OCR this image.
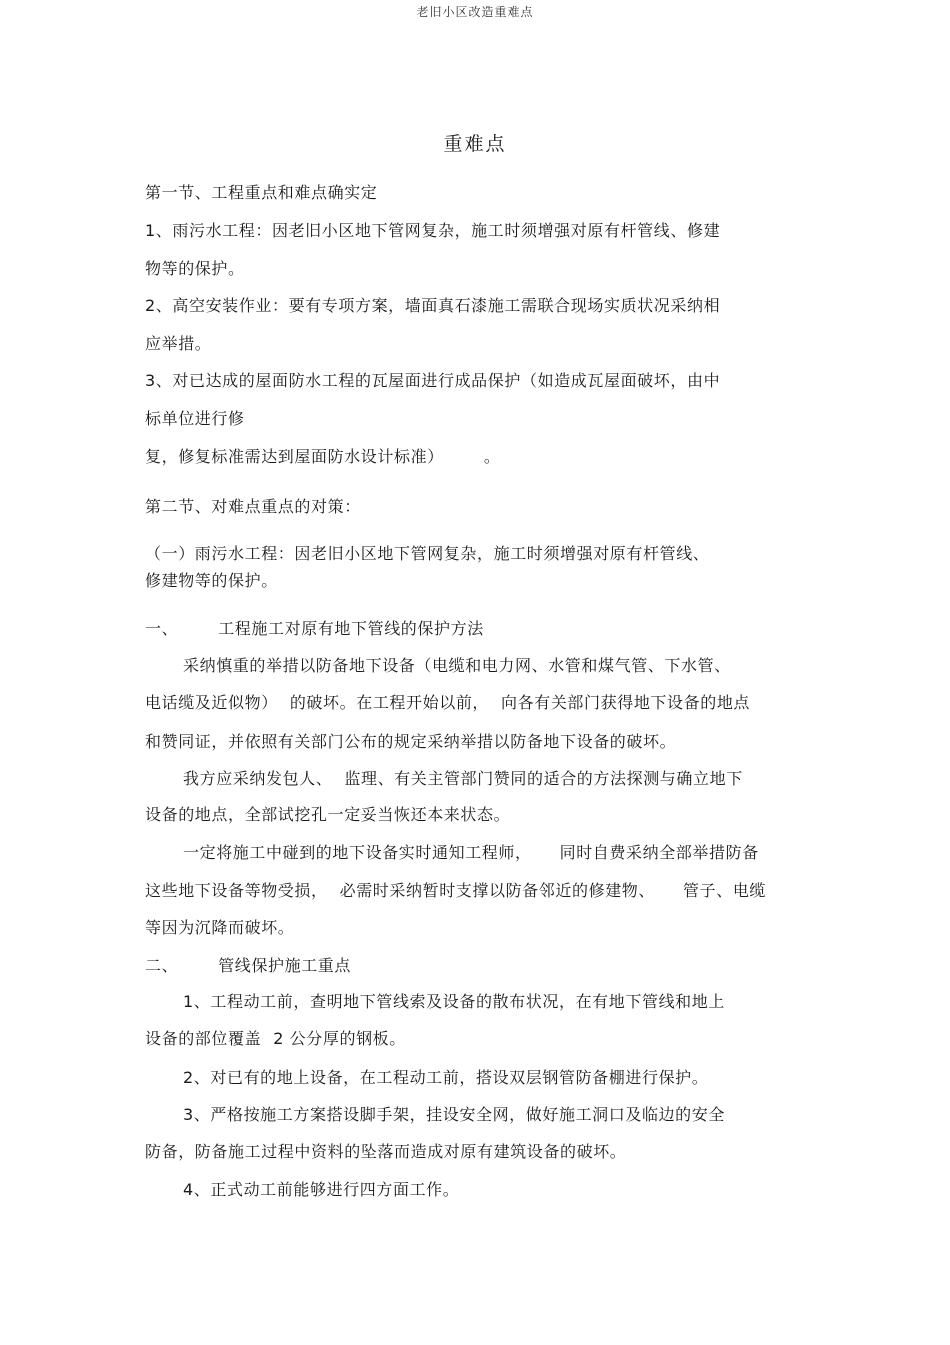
老旧小区改造重难点
重难点
第一节、工程重点和难点确实定
1、雨污水工程：因老旧小区地下管网复杂，施工时须增强对原有杆管线、修建
物等的保护。
2、高空安装作业：要有专项方案，墙面真石漆施工需联合现场实质状况采纳相
应举措。
3、对已达成的屋面防水工程的瓦屋面进行成品保护（如造成瓦屋面破坏，由中
标单位进行修
复，修复标准需达到屋面防水设计标准）	。
第二节、对难点重点的对策：
（一）雨污水工程：因老旧小区地下管网复杂，施工时须增强对原有杆管线、
修建物等的保护。
一、	工程施工对原有地下管线的保护方法
采纳慎重的举措以防备地下设备（电缆和电力网、水管和煤气管、下水管、
电话缆及近似物） 的破坏。在工程开始以前， 向各有关部门获得地下设备的地点
和赞同证，并依照有关部门公布的规定采纳举措以防备地下设备的破坏。
我方应采纳发包人、 监理、有关主管部门赞同的适合的方法探测与确立地下
设备的地点，全部试挖孔一定妥当恢还本来状态。
一定将施工中碰到的地下设备实时通知工程师， 同时自费采纳全部举措防备
这些地下设备等物受损， 必需时采纳暂时支撑以防备邻近的修建物、 管子、电缆
等因为沉降而破坏。
二、	管线保护施工重点
1、工程动工前，查明地下管线索及设备的散布状况，在有地下管线和地上
设备的部位覆盖 2 公分厚的钢板。
2、对已有的地上设备，在工程动工前，搭设双层钢管防备棚进行保护。
3、严格按施工方案搭设脚手架，挂设安全网，做好施工洞口及临边的安全
防备，防备施工过程中资料的坠落而造成对原有建筑设备的破坏。
4、正式动工前能够进行四方面工作。
